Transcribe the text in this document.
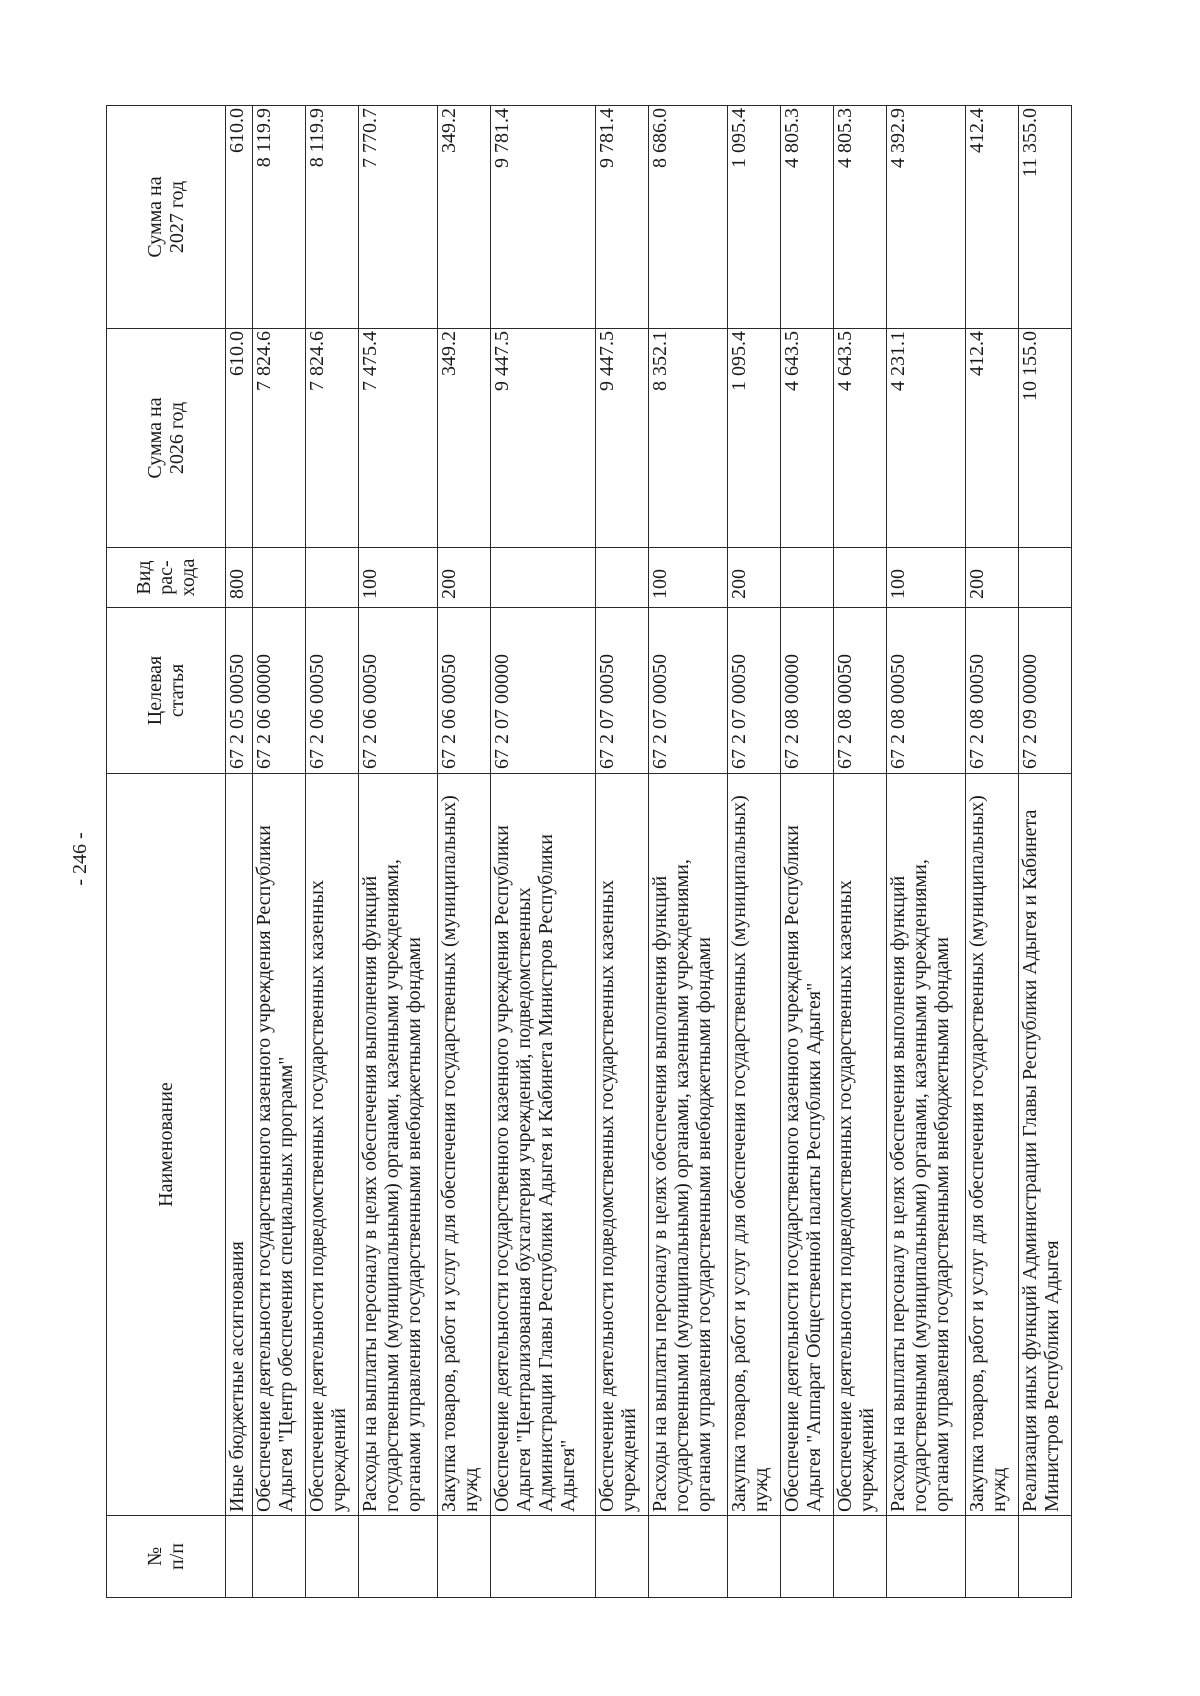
- 246 -
№ п/п	Наименование	Целевая статья	Вид рас- хода	Сумма на 2026 год	Сумма на 2027 год

	Иные бюджетные ассигнования	67 2 05 00050	800	610.0	610.0
	Обеспечение деятельности государственного казенного учреждения Республики Адыгея "Центр обеспечения специальных программ"	67 2 06 00000		7 824.6	8 119.9
	Обеспечение деятельности подведомственных государственных казенных учреждений	67 2 06 00050		7 824.6	8 119.9
	Расходы на выплаты персоналу в целях обеспечения выполнения функций государственными (муниципальными) органами, казенными учреждениями, органами управления государственными внебюджетными фондами	67 2 06 00050	100	7 475.4	7 770.7
	Закупка товаров, работ и услуг для обеспечения государственных (муниципальных) нужд	67 2 06 00050	200	349.2	349.2
	Обеспечение деятельности государственного казенного учреждения Республики Адыгея "Централизованная бухгалтерия учреждений, подведомственных Администрации Главы Республики Адыгея и Кабинета Министров Республики Адыгея"	67 2 07 00000		9 447.5	9 781.4
	Обеспечение деятельности подведомственных государственных казенных учреждений	67 2 07 00050		9 447.5	9 781.4
	Расходы на выплаты персоналу в целях обеспечения выполнения функций государственными (муниципальными) органами, казенными учреждениями, органами управления государственными внебюджетными фондами	67 2 07 00050	100	8 352.1	8 686.0
	Закупка товаров, работ и услуг для обеспечения государственных (муниципальных) нужд	67 2 07 00050	200	1 095.4	1 095.4
	Обеспечение деятельности государственного казенного учреждения Республики Адыгея "Аппарат Общественной палаты Республики Адыгея"	67 2 08 00000		4 643.5	4 805.3
	Обеспечение деятельности подведомственных государственных казенных учреждений	67 2 08 00050		4 643.5	4 805.3
	Расходы на выплаты персоналу в целях обеспечения выполнения функций государственными (муниципальными) органами, казенными учреждениями, органами управления государственными внебюджетными фондами	67 2 08 00050	100	4 231.1	4 392.9
	Закупка товаров, работ и услуг для обеспечения государственных (муниципальных) нужд	67 2 08 00050	200	412.4	412.4
	Реализация иных функций Администрации Главы Республики Адыгея и Кабинета Министров Республики Адыгея	67 2 09 00000		10 155.0	11 355.0
